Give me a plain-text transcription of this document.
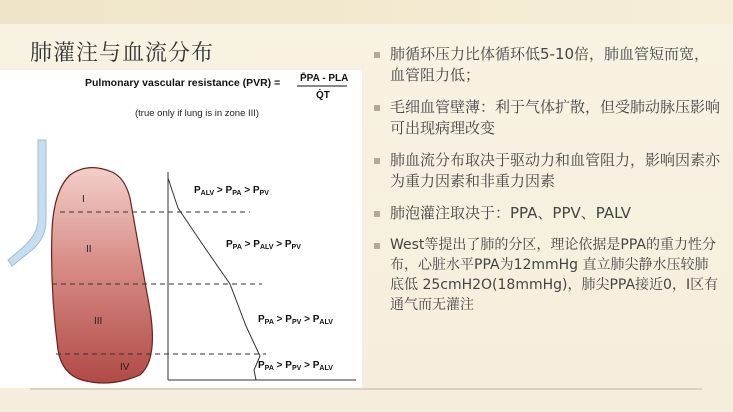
肺灌注与血流分布
Pulmonary vascular resistance (PVR) = P̄PA - PLA
Q̇T
(true only if lung is in zone III)
I
II
III
IV
$P_{ALV} > P_{PA} > P_{PV}$
$P_{PA} > P_{ALV} > P_{PV}$
$P_{PA} > P_{PV} > P_{ALV}$
$P_{PA} > P_{PV} > P_{ALV}$
肺循环压力比体循环低5-10倍，肺血管短而宽，血管阻力低；
毛细血管壁薄：利于气体扩散，但受肺动脉压影响可出现病理改变
肺血流分布取决于驱动力和血管阻力，影响因素亦为重力因素和非重力因素
肺泡灌注取决于：PPA、PPV、PALV
West等提出了肺的分区，理论依据是PPA的重力性分布，心脏水平PPA为12mmHg 直立肺尖静水压较肺底低 25cmH2O(18mmHg)，肺尖PPA接近0，I区有通气而无灌注
